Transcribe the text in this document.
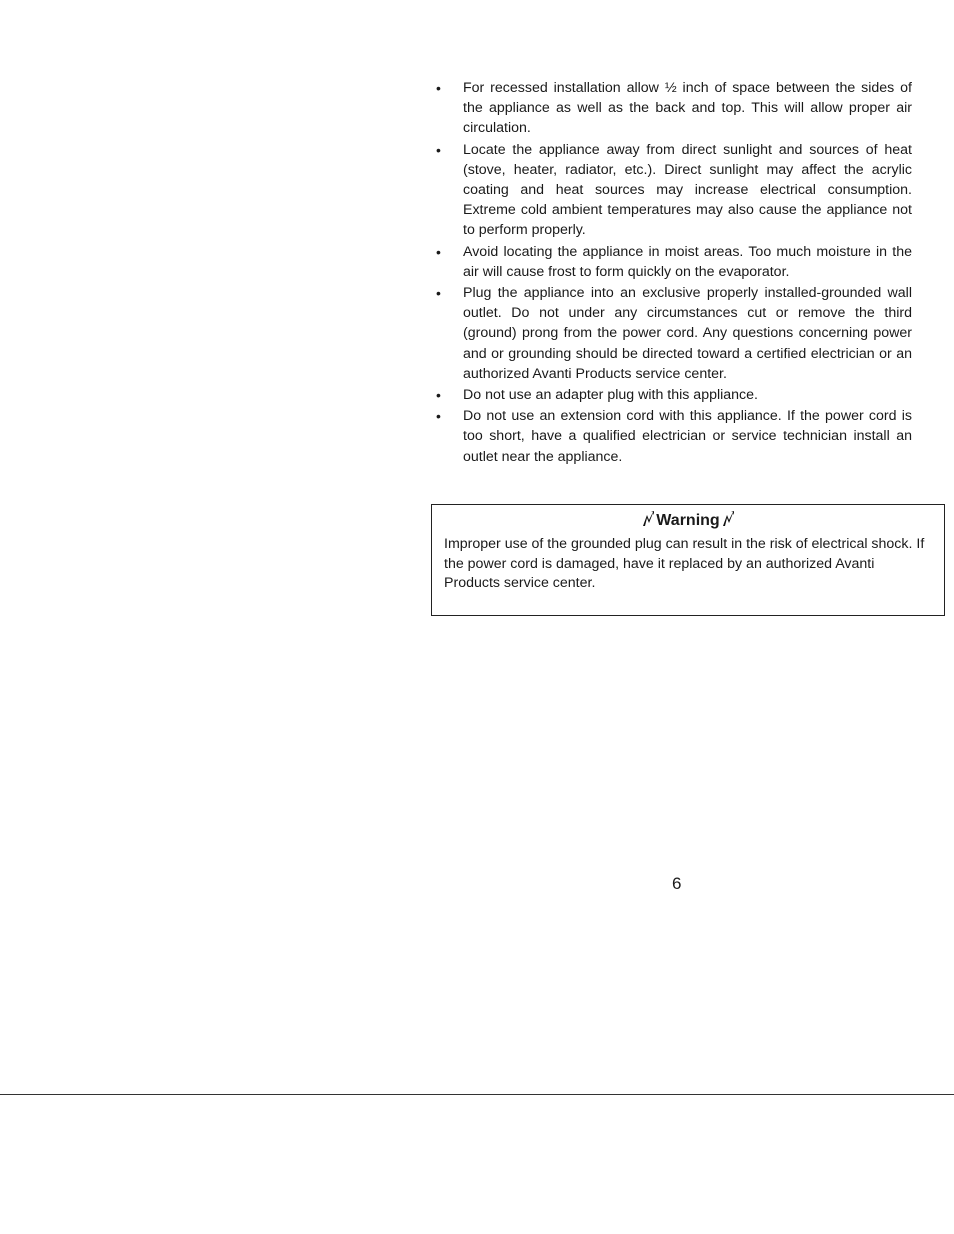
• For recessed installation allow ½ inch of space between the sides of the appliance as well as the back and top. This will allow proper air circulation.
• Locate the appliance away from direct sunlight and sources of heat (stove, heater, radiator, etc.). Direct sunlight may affect the acrylic coating and heat sources may increase electrical consumption. Extreme cold ambient temperatures may also cause the appliance not to perform properly.
• Avoid locating the appliance in moist areas. Too much moisture in the air will cause frost to form quickly on the evaporator.
• Plug the appliance into an exclusive properly installed-grounded wall outlet. Do not under any circumstances cut or remove the third (ground) prong from the power cord. Any questions concerning power and or grounding should be directed toward a certified electrician or an authorized Avanti Products service center.
• Do not use an adapter plug with this appliance.
• Do not use an extension cord with this appliance. If the power cord is too short, have a qualified electrician or service technician install an outlet near the appliance.
Warning
Improper use of the grounded plug can result in the risk of electrical shock. If the power cord is damaged, have it replaced by an authorized Avanti Products service center.
6
